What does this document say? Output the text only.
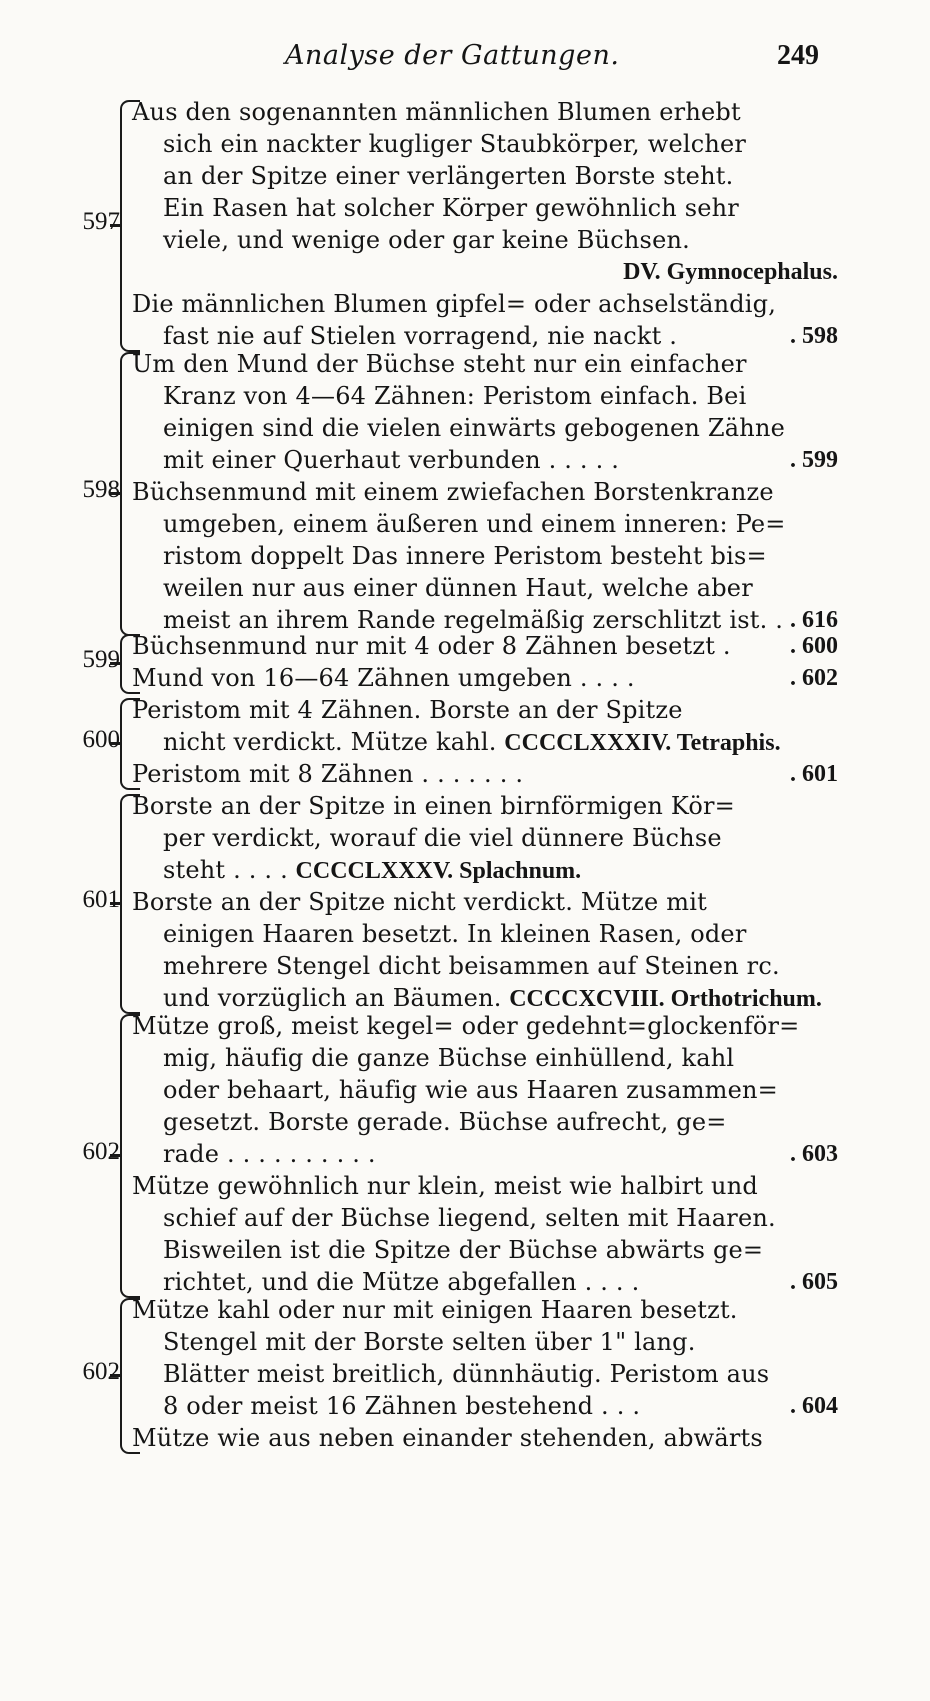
Analyse der Gattungen.	249
597
Aus den sogenannten männlichen Blumen erhebt
sich ein nackter kugliger Staubkörper, welcher
an der Spitze einer verlängerten Borste steht.
Ein Rasen hat solcher Körper gewöhnlich sehr
viele, und wenige oder gar keine Büchsen.
DV. Gymnocephalus.
Die männlichen Blumen gipfel= oder achselständig,
fast nie auf Stielen vorragend, nie nackt .	. 598
598
Um den Mund der Büchse steht nur ein einfacher
Kranz von 4—64 Zähnen: Peristom einfach. Bei
einigen sind die vielen einwärts gebogenen Zähne
mit einer Querhaut verbunden . . . . .	. 599
Büchsenmund mit einem zwiefachen Borstenkranze
umgeben, einem äußeren und einem inneren: Pe=
ristom doppelt Das innere Peristom besteht bis=
weilen nur aus einer dünnen Haut, welche aber
meist an ihrem Rande regelmäßig zerschlitzt ist. . . 616
599 Büchsenmund nur mit 4 oder 8 Zähnen besetzt .	. 600
Mund von 16—64 Zähnen umgeben . . . .	. 602
600
Peristom mit 4 Zähnen. Borste an der Spitze
nicht verdickt. Mütze kahl. CCCCLXXXIV. Tetraphis.
Peristom mit 8 Zähnen . . . . . . .	. 601
601
Borste an der Spitze in einen birnförmigen Kör=
per verdickt, worauf die viel dünnere Büchse
steht . . . . CCCCLXXXV. Splachnum.
Borste an der Spitze nicht verdickt. Mütze mit
einigen Haaren besetzt. In kleinen Rasen, oder
mehrere Stengel dicht beisammen auf Steinen rc.
und vorzüglich an Bäumen. CCCCXCVIII. Orthotrichum.
602
Mütze groß, meist kegel= oder gedehnt=glockenför=
mig, häufig die ganze Büchse einhüllend, kahl
oder behaart, häufig wie aus Haaren zusammen=
gesetzt. Borste gerade. Büchse aufrecht, ge=
rade . . . . . . . . . .	. 603
Mütze gewöhnlich nur klein, meist wie halbirt und
schief auf der Büchse liegend, selten mit Haaren.
Bisweilen ist die Spitze der Büchse abwärts ge=
richtet, und die Mütze abgefallen . . . .	. 605
602
Mütze kahl oder nur mit einigen Haaren besetzt.
Stengel mit der Borste selten über 1" lang.
Blätter meist breitlich, dünnhäutig. Peristom aus
8 oder meist 16 Zähnen bestehend . . .	. 604
Mütze wie aus neben einander stehenden, abwärts
